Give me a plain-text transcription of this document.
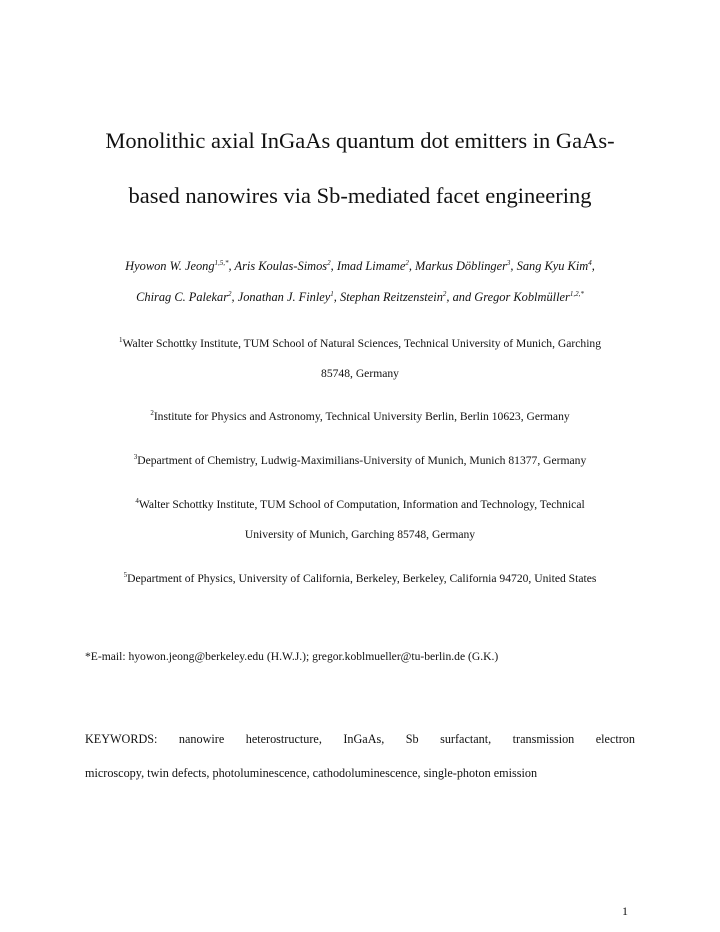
Monolithic axial InGaAs quantum dot emitters in GaAs-
based nanowires via Sb-mediated facet engineering
Hyowon W. Jeong$^{1,5,*}$, Aris Koulas-Simos$^2$, Imad Limame$^2$, Markus Döblinger$^3$, Sang Kyu Kim$^4$,
Chirag C. Palekar$^2$, Jonathan J. Finley$^1$, Stephan Reitzenstein$^2$, and Gregor Koblmüller$^{1,2,*}$
$^1$Walter Schottky Institute, TUM School of Natural Sciences, Technical University of Munich, Garching
85748, Germany
$^2$Institute for Physics and Astronomy, Technical University Berlin, Berlin 10623, Germany
$^3$Department of Chemistry, Ludwig-Maximilians-University of Munich, Munich 81377, Germany
$^4$Walter Schottky Institute, TUM School of Computation, Information and Technology, Technical
University of Munich, Garching 85748, Germany
$^5$Department of Physics, University of California, Berkeley, Berkeley, California 94720, United States
*E-mail: hyowon.jeong@berkeley.edu (H.W.J.); gregor.koblmueller@tu-berlin.de (G.K.)
KEYWORDS: nanowire heterostructure, InGaAs, Sb surfactant, transmission electron
microscopy, twin defects, photoluminescence, cathodoluminescence, single-photon emission
1
